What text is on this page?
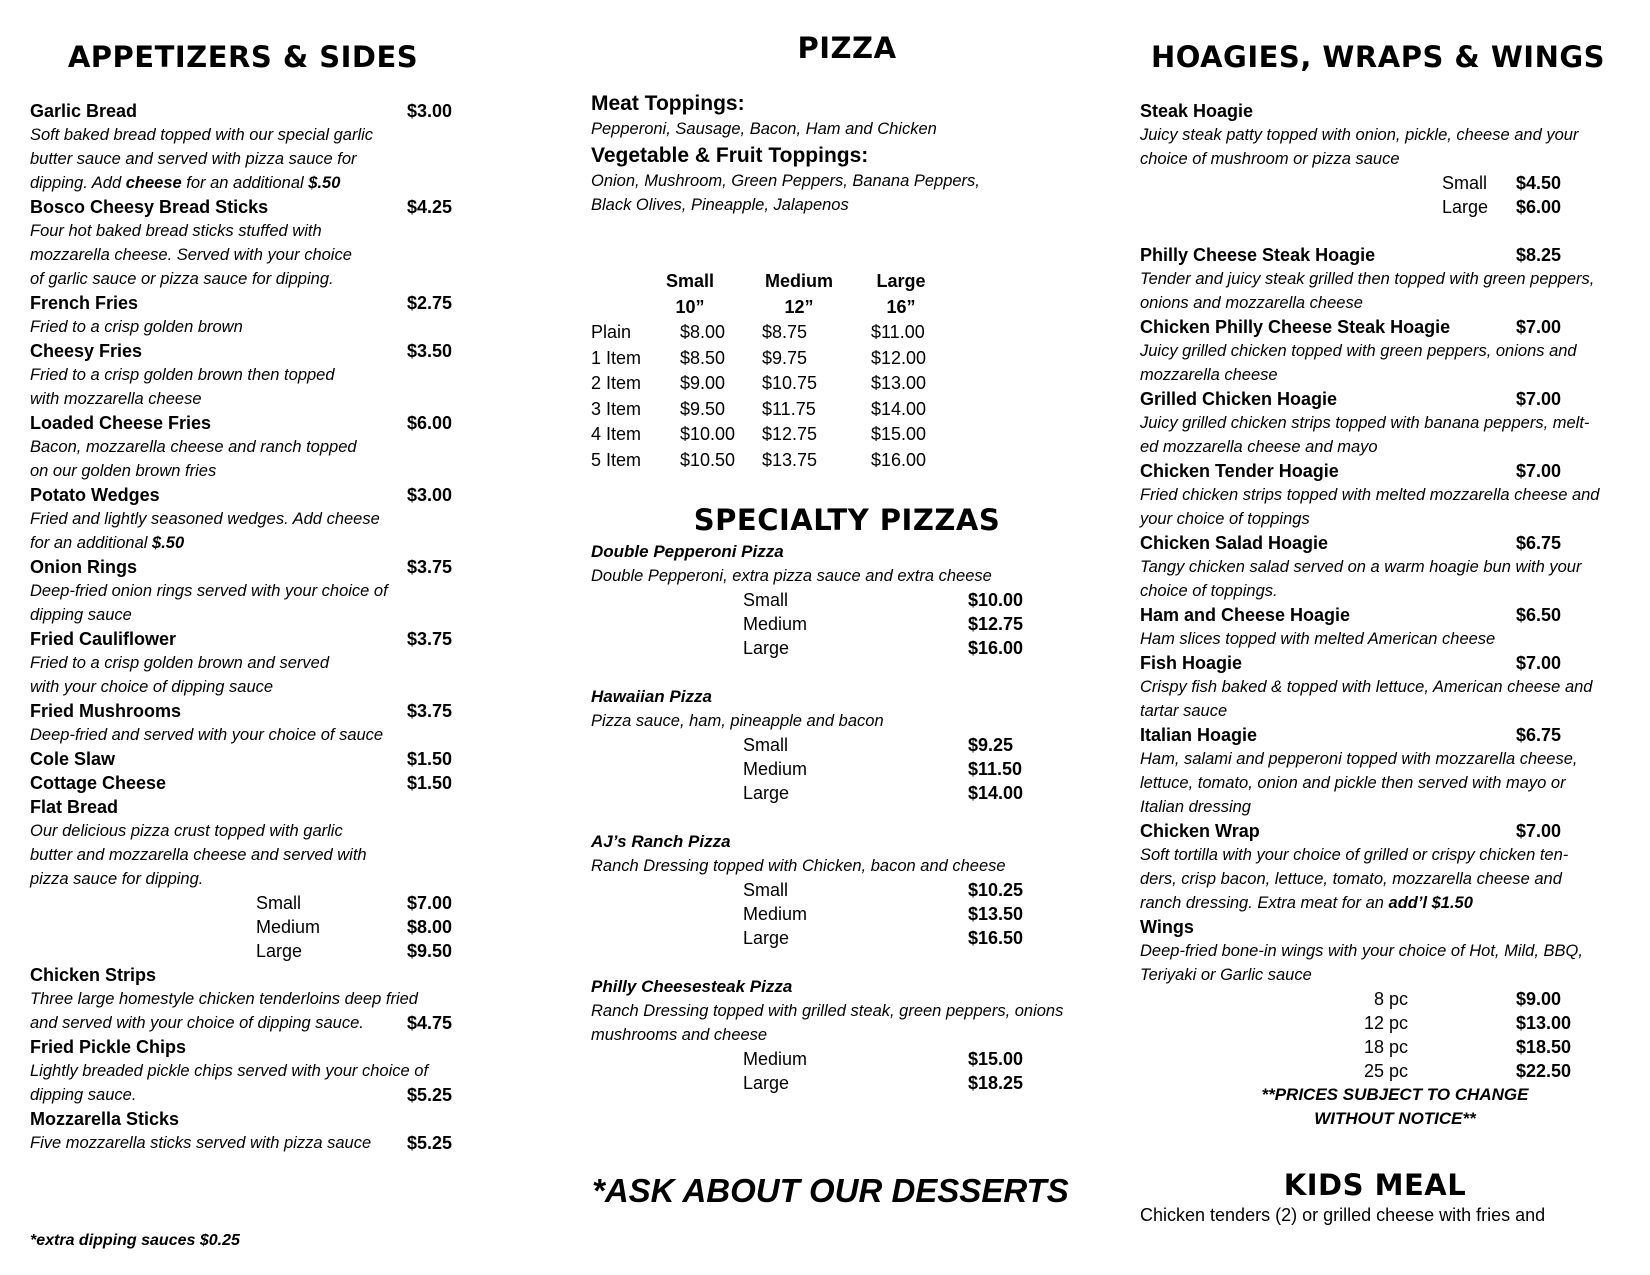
APPETIZERS & SIDES
Garlic Bread	$3.00
Soft baked bread topped with our special garlic
butter sauce and served with pizza sauce for
dipping. Add cheese for an additional $.50
Bosco Cheesy Bread Sticks	$4.25
Four hot baked bread sticks stuffed with
mozzarella cheese. Served with your choice
of garlic sauce or pizza sauce for dipping.
French Fries	$2.75
Fried to a crisp golden brown
Cheesy Fries	$3.50
Fried to a crisp golden brown then topped
with mozzarella cheese
Loaded Cheese Fries	$6.00
Bacon, mozzarella cheese and ranch topped
on our golden brown fries
Potato Wedges	$3.00
Fried and lightly seasoned wedges. Add cheese
for an additional $.50
Onion Rings	$3.75
Deep-fried onion rings served with your choice of
dipping sauce
Fried Cauliflower	$3.75
Fried to a crisp golden brown and served
with your choice of dipping sauce
Fried Mushrooms	$3.75
Deep-fried and served with your choice of sauce
Cole Slaw	$1.50
Cottage Cheese	$1.50
Flat Bread
Our delicious pizza crust topped with garlic
butter and mozzarella cheese and served with
pizza sauce for dipping.
Small	$7.00
Medium	$8.00
Large	$9.50
Chicken Strips
Three large homestyle chicken tenderloins deep fried
and served with your choice of dipping sauce. $4.75
Fried Pickle Chips
Lightly breaded pickle chips served with your choice of
dipping sauce.	$5.25
Mozzarella Sticks
Five mozzarella sticks served with pizza sauce $5.25
*extra dipping sauces $0.25
PIZZA
Meat Toppings:
Pepperoni, Sausage, Bacon, Ham and Chicken
Vegetable & Fruit Toppings:
Onion, Mushroom, Green Peppers, Banana Peppers,
Black Olives, Pineapple, Jalapenos
Small	Medium Large
10”	12”	16”
Plain	$8.00 $8.75	$11.00
1 Item $8.50 $9.75	$12.00
2 Item $9.00 $10.75	$13.00
3 Item $9.50 $11.75	$14.00
4 Item $10.00 $12.75	$15.00
5 Item $10.50 $13.75	$16.00
SPECIALTY PIZZAS
Double Pepperoni Pizza
Double Pepperoni, extra pizza sauce and extra cheese
Small	$10.00
Medium	$12.75
Large	$16.00
Hawaiian Pizza
Pizza sauce, ham, pineapple and bacon
Small	$9.25
Medium	$11.50
Large	$14.00
AJ’s Ranch Pizza
Ranch Dressing topped with Chicken, bacon and cheese
Small	$10.25
Medium	$13.50
Large	$16.50
Philly Cheesesteak Pizza
Ranch Dressing topped with grilled steak, green peppers, onions
mushrooms and cheese
Medium	$15.00
Large	$18.25
*ASK ABOUT OUR DESSERTS
HOAGIES, WRAPS & WINGS
Steak Hoagie
Juicy steak patty topped with onion, pickle, cheese and your
choice of mushroom or pizza sauce
Small $4.50
Large $6.00
Philly Cheese Steak Hoagie	$8.25
Tender and juicy steak grilled then topped with green peppers,
onions and mozzarella cheese
Chicken Philly Cheese Steak Hoagie	$7.00
Juicy grilled chicken topped with green peppers, onions and
mozzarella cheese
Grilled Chicken Hoagie	$7.00
Juicy grilled chicken strips topped with banana peppers, melt-
ed mozzarella cheese and mayo
Chicken Tender Hoagie	$7.00
Fried chicken strips topped with melted mozzarella cheese and
your choice of toppings
Chicken Salad Hoagie	$6.75
Tangy chicken salad served on a warm hoagie bun with your
choice of toppings.
Ham and Cheese Hoagie	$6.50
Ham slices topped with melted American cheese
Fish Hoagie	$7.00
Crispy fish baked & topped with lettuce, American cheese and
tartar sauce
Italian Hoagie	$6.75
Ham, salami and pepperoni topped with mozzarella cheese,
lettuce, tomato, onion and pickle then served with mayo or
Italian dressing
Chicken Wrap	$7.00
Soft tortilla with your choice of grilled or crispy chicken ten-
ders, crisp bacon, lettuce, tomato, mozzarella cheese and
ranch dressing. Extra meat for an add’l $1.50
Wings
Deep-fried bone-in wings with your choice of Hot, Mild, BBQ,
Teriyaki or Garlic sauce
8 pc	$9.00
12 pc	$13.00
18 pc	$18.50
25 pc	$22.50
**PRICES SUBJECT TO CHANGE
WITHOUT NOTICE**
KIDS MEAL
Chicken tenders (2) or grilled cheese with fries and
